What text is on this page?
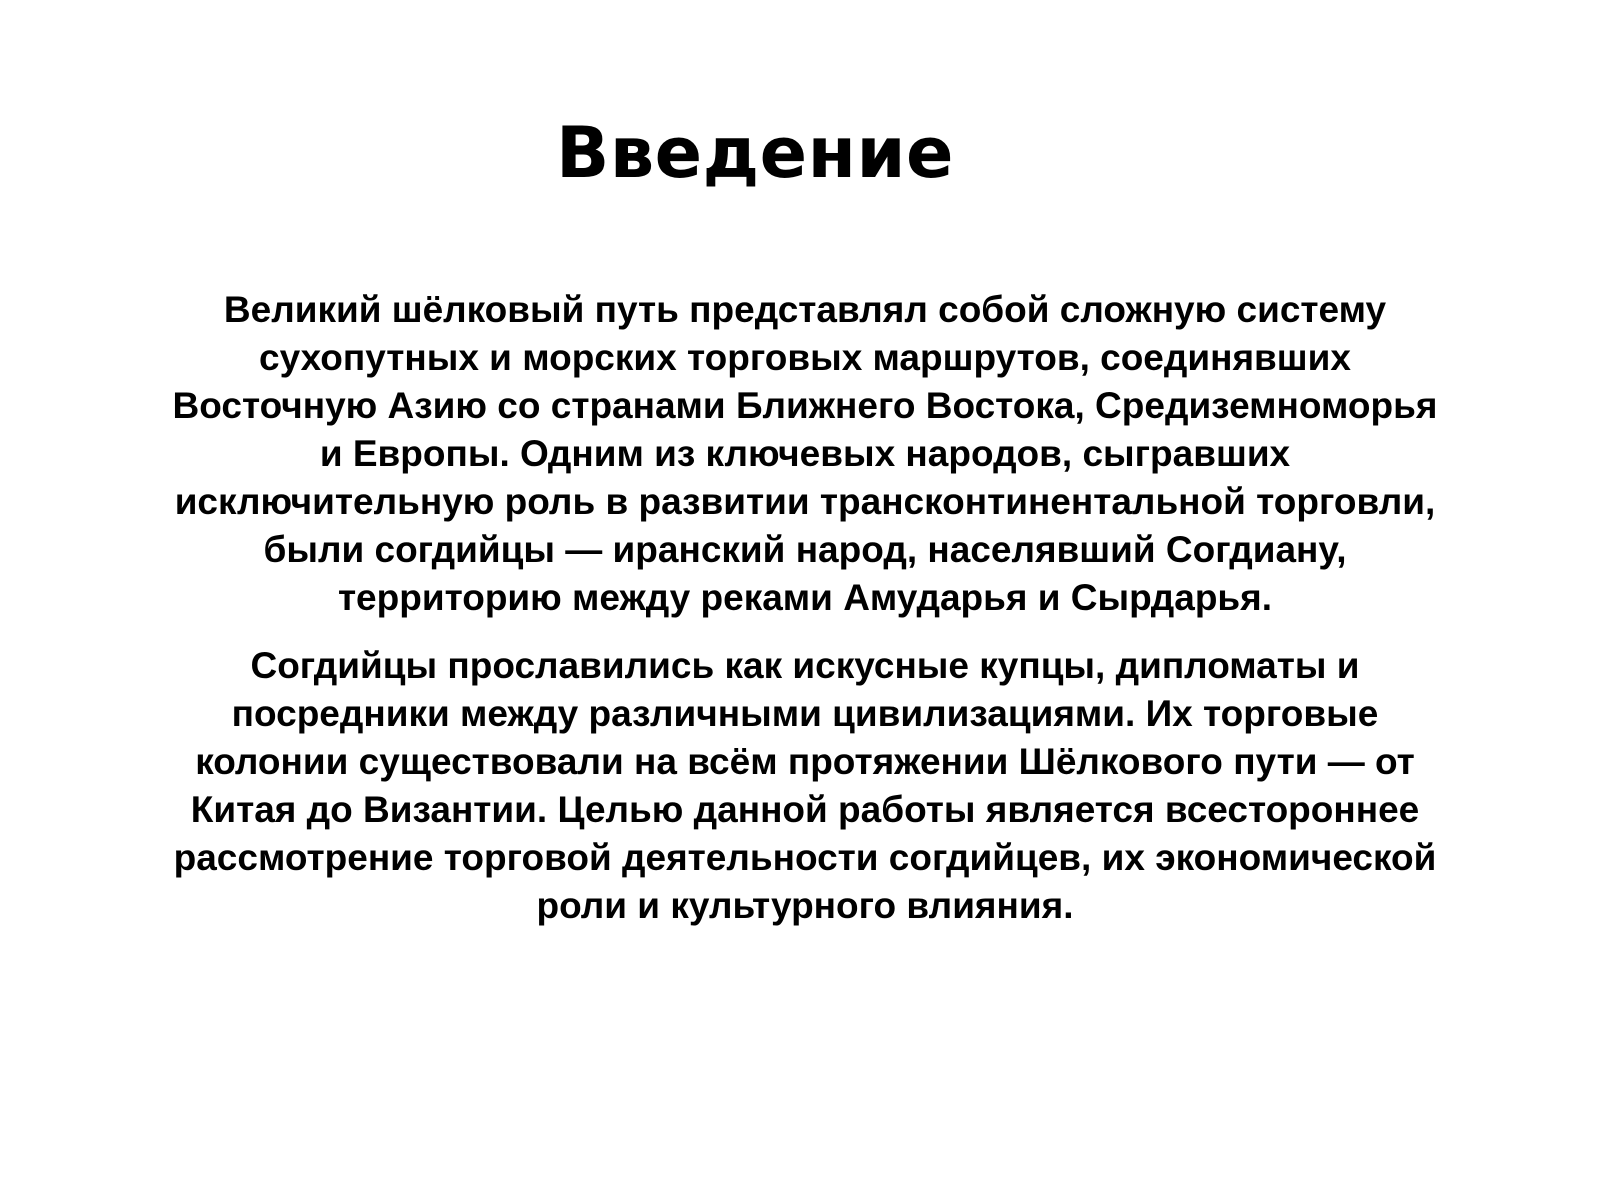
Введение

Великий шёлковый путь представлял собой сложную систему сухопутных и морских торговых маршрутов, соединявших Восточную Азию со странами Ближнего Востока, Средиземноморья и Европы. Одним из ключевых народов, сыгравших исключительную роль в развитии трансконтинентальной торговли, были согдийцы — иранский народ, населявший Согдиану, территорию между реками Амударья и Сырдарья.

Согдийцы прославились как искусные купцы, дипломаты и посредники между различными цивилизациями. Их торговые колонии существовали на всём протяжении Шёлкового пути — от Китая до Византии. Целью данной работы является всестороннее рассмотрение торговой деятельности согдийцев, их экономической роли и культурного влияния.
